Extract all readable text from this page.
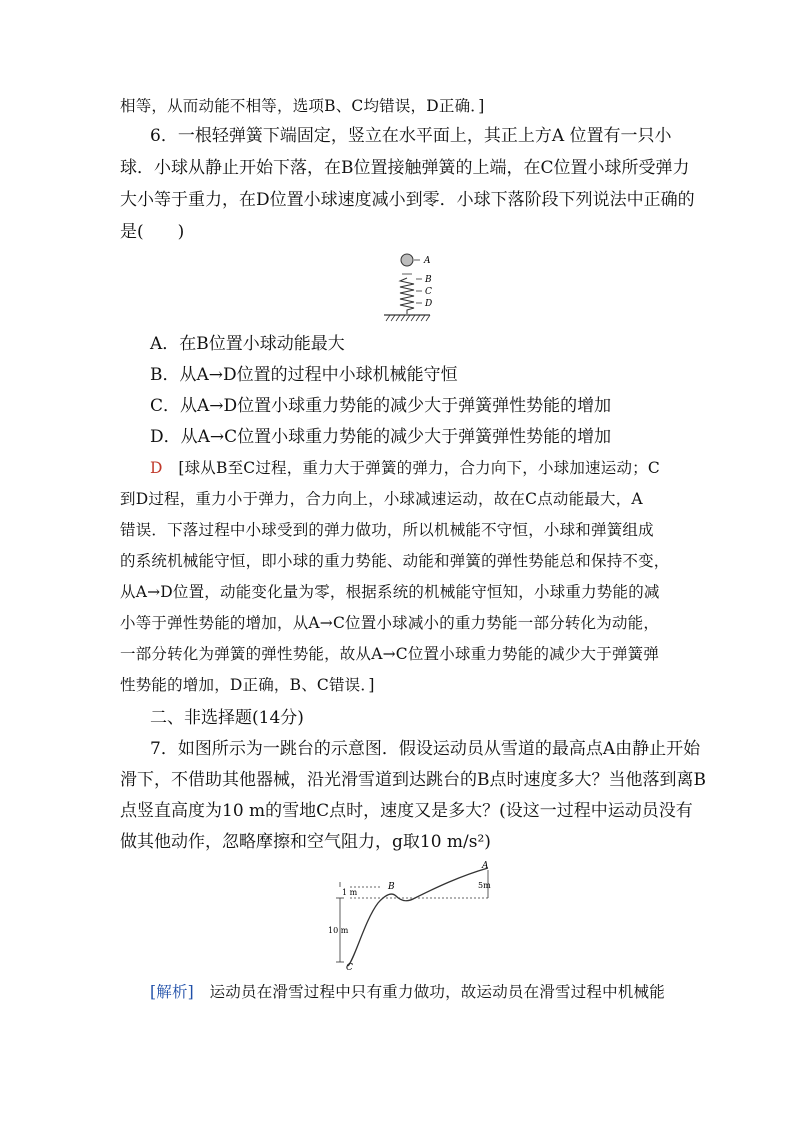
相等，从而动能不相等，选项B、C均错误，D正确．]
6．一根轻弹簧下端固定，竖立在水平面上，其正上方A 位置有一只小
球．小球从静止开始下落，在B位置接触弹簧的上端，在C位置小球所受弹力
大小等于重力，在D位置小球速度减小到零．小球下落阶段下列说法中正确的
是(　　)
A
B
C
D
A．在B位置小球动能最大
B．从A→D位置的过程中小球机械能守恒
C．从A→D位置小球重力势能的减少大于弹簧弹性势能的增加
D．从A→C位置小球重力势能的减少大于弹簧弹性势能的增加
D　 [球从B至C过程，重力大于弹簧的弹力，合力向下，小球加速运动；C
到D过程，重力小于弹力，合力向上，小球减速运动，故在C点动能最大，A
错误．下落过程中小球受到的弹力做功，所以机械能不守恒，小球和弹簧组成
的系统机械能守恒，即小球的重力势能、动能和弹簧的弹性势能总和保持不变，
从A→D位置，动能变化量为零，根据系统的机械能守恒知，小球重力势能的减
小等于弹性势能的增加，从A→C位置小球减小的重力势能一部分转化为动能，
一部分转化为弹簧的弹性势能，故从A→C位置小球重力势能的减少大于弹簧弹
性势能的增加，D正确，B、C错误．]
二、非选择题(14分)
7．如图所示为一跳台的示意图．假设运动员从雪道的最高点A由静止开始
滑下，不借助其他器械，沿光滑雪道到达跳台的B点时速度多大？当他落到离B
点竖直高度为10 m的雪地C点时，速度又是多大？(设这一过程中运动员没有
做其他动作，忽略摩擦和空气阻力，g取10 m/s²)
A
B
C
1 m
10 m
5m
[解析]　 运动员在滑雪过程中只有重力做功，故运动员在滑雪过程中机械能
